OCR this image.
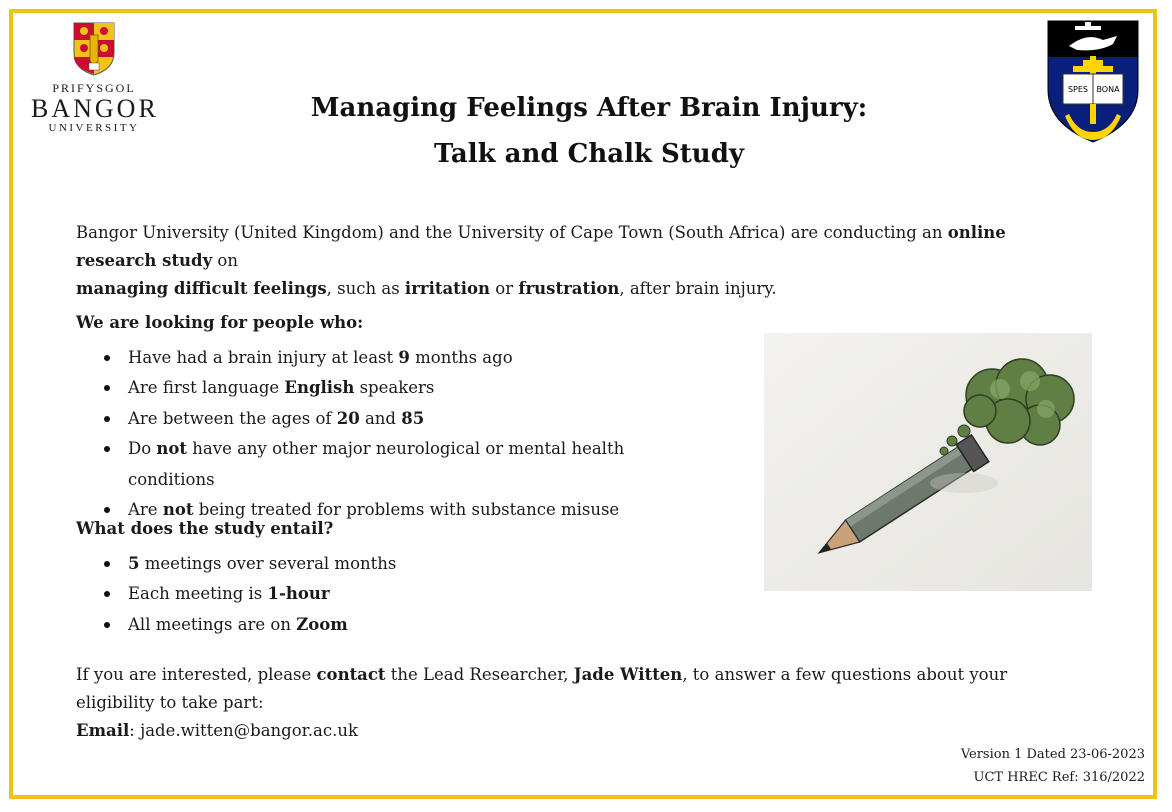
PRIFYSGOL
BANGOR
UNIVERSITY
Managing Feelings After Brain Injury:
Talk and Chalk Study
SPES BONA

Bangor University (United Kingdom) and the University of Cape Town (South Africa) are conducting an online research study on
managing difficult feelings, such as irritation or frustration, after brain injury.

We are looking for people who:

Have had a brain injury at least 9 months ago
Are first language English speakers
Are between the ages of 20 and 85
Do not have any other major neurological or mental health conditions
Are not being treated for problems with substance misuse

What does the study entail?

5 meetings over several months
Each meeting is 1-hour
All meetings are on Zoom
If you are interested, please contact the Lead Researcher, Jade Witten, to answer a few questions about your eligibility to take part:
Email: jade.witten@bangor.ac.uk
Version 1 Dated 23-06-2023
UCT HREC Ref: 316/2022
